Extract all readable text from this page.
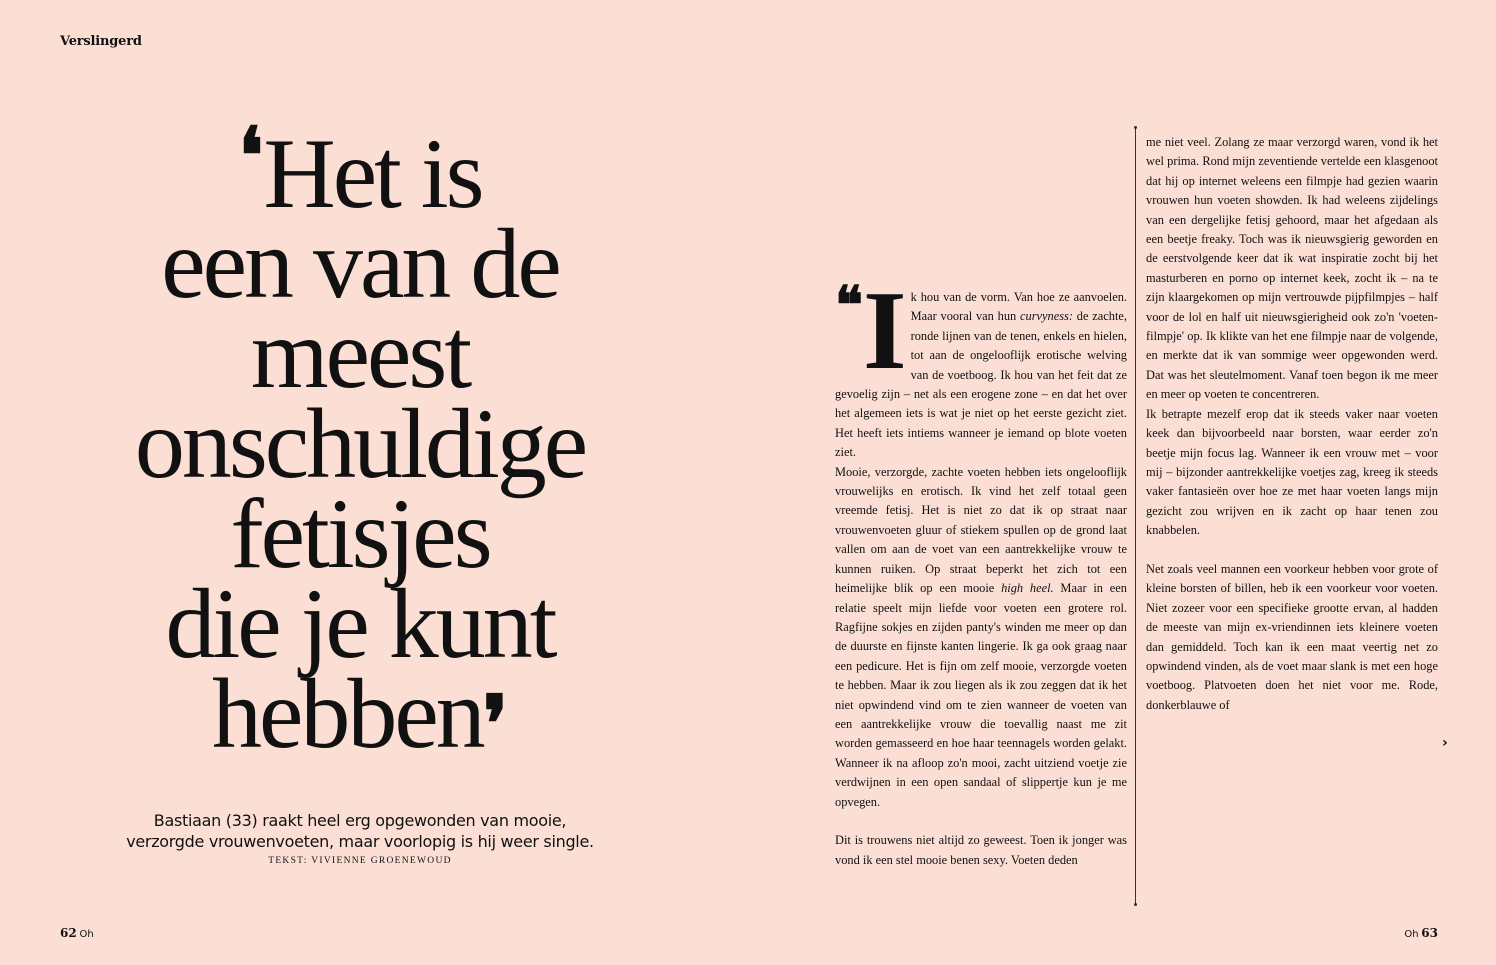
Verslingerd
❛Het is
een van de
meest
onschuldige
fetisjes
die je kunt
hebben❜
Bastiaan (33) raakt heel erg opgewonden van mooie,
verzorgde vrouwenvoeten, maar voorlopig is hij weer single.
TEKST: VIVIENNE GROENEWOUD
62 Oh	Oh 63

❝ I k hou van de vorm. Van hoe ze aanvoelen. Maar vooral van hun curvyness: de zachte, ronde lijnen van de tenen, enkels en hielen, tot aan de ongelooflijk erotische welving van de voetboog. Ik hou van het feit dat ze gevoelig zijn – net als een erogene zone – en dat het over het algemeen iets is wat je niet op het eerste gezicht ziet. Het heeft iets intiems wanneer je iemand op blote voeten ziet.

Mooie, verzorgde, zachte voeten hebben iets ongelooflijk vrouwelijks en erotisch. Ik vind het zelf totaal geen vreemde fetisj. Het is niet zo dat ik op straat naar vrouwenvoeten gluur of stiekem spullen op de grond laat vallen om aan de voet van een aantrekkelijke vrouw te kunnen ruiken. Op straat beperkt het zich tot een heimelijke blik op een mooie high heel. Maar in een relatie speelt mijn liefde voor voeten een grotere rol. Ragfijne sokjes en zijden panty's winden me meer op dan de duurste en fijnste kanten lingerie. Ik ga ook graag naar een pedicure. Het is fijn om zelf mooie, verzorgde voeten te hebben. Maar ik zou liegen als ik zou zeggen dat ik het niet opwindend vind om te zien wanneer de voeten van een aantrekkelijke vrouw die toevallig naast me zit worden gemasseerd en hoe haar teennagels worden gelakt. Wanneer ik na afloop zo'n mooi, zacht uitziend voetje zie verdwijnen in een open sandaal of slippertje kun je me opvegen.

Dit is trouwens niet altijd zo geweest. Toen ik jonger was vond ik een stel mooie benen sexy. Voeten deden

me niet veel. Zolang ze maar verzorgd waren, vond ik het wel prima. Rond mijn zeventiende vertelde een klasgenoot dat hij op internet weleens een filmpje had gezien waarin vrouwen hun voeten showden. Ik had weleens zijdelings van een dergelijke fetisj gehoord, maar het afgedaan als een beetje freaky. Toch was ik nieuwsgierig geworden en de eerstvolgende keer dat ik wat inspiratie zocht bij het masturberen en porno op internet keek, zocht ik – na te zijn klaargekomen op mijn vertrouwde pijpfilmpjes – half voor de lol en half uit nieuwsgierigheid ook zo'n 'voeten-filmpje' op. Ik klikte van het ene filmpje naar de volgende, en merkte dat ik van sommige weer opgewonden werd. Dat was het sleutelmoment. Vanaf toen begon ik me meer en meer op voeten te concentreren.

Ik betrapte mezelf erop dat ik steeds vaker naar voeten keek dan bijvoorbeeld naar borsten, waar eerder zo'n beetje mijn focus lag. Wanneer ik een vrouw met – voor mij – bijzonder aantrekkelijke voetjes zag, kreeg ik steeds vaker fantasieën over hoe ze met haar voeten langs mijn gezicht zou wrijven en ik zacht op haar tenen zou knabbelen.

Net zoals veel mannen een voorkeur hebben voor grote of kleine borsten of billen, heb ik een voorkeur voor voeten. Niet zozeer voor een specifieke grootte ervan, al hadden de meeste van mijn ex-vriendinnen iets kleinere voeten dan gemiddeld. Toch kan ik een maat veertig net zo opwindend vinden, als de voet maar slank is met een hoge voetboog. Platvoeten doen het niet voor me. Rode, donkerblauwe of

›
